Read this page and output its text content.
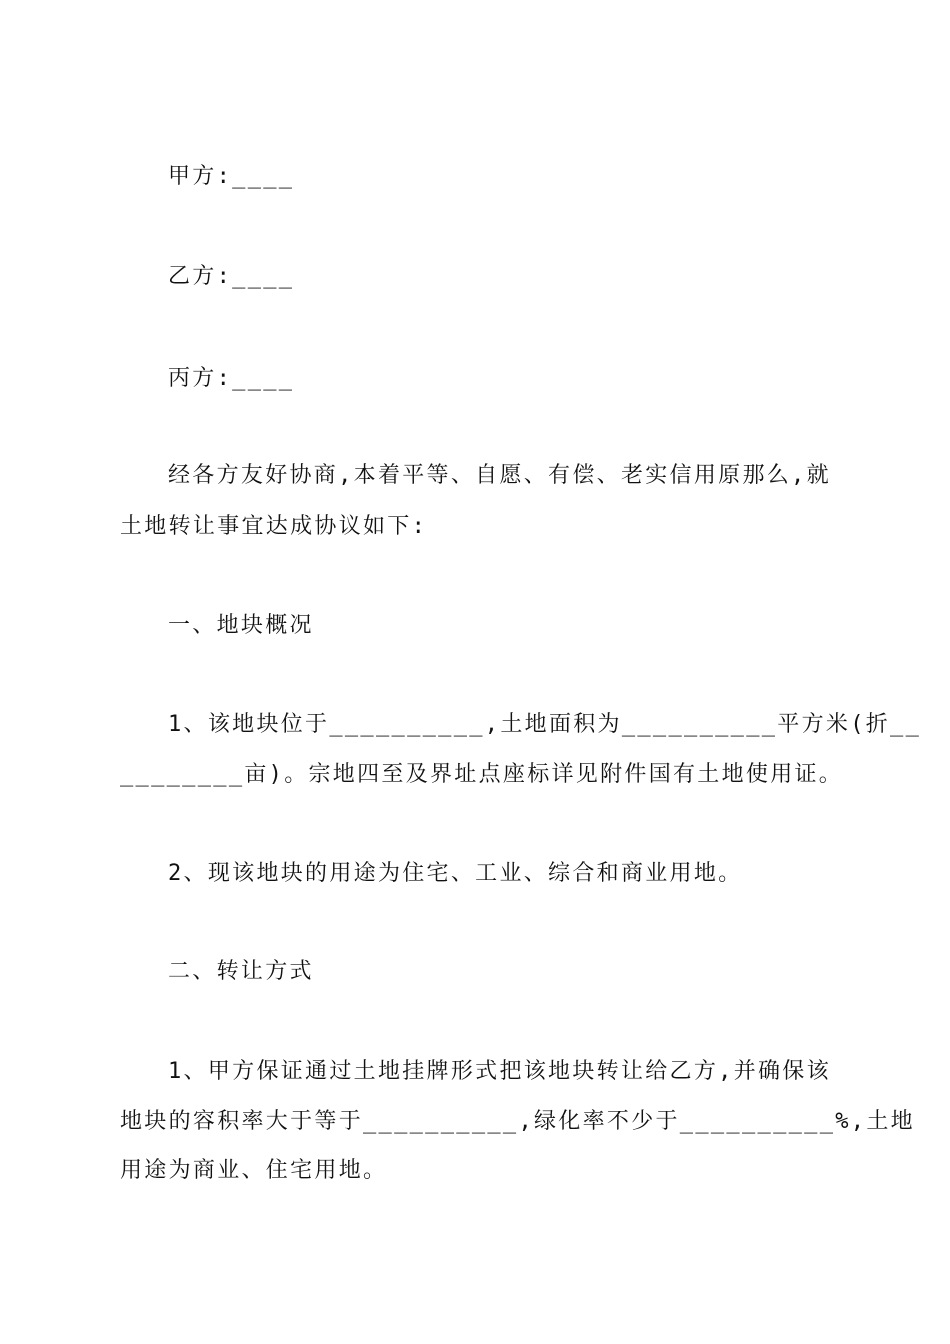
甲方:____
乙方:____
丙方:____
经各方友好协商,本着平等、自愿、有偿、老实信用原那么,就
土地转让事宜达成协议如下:
一、地块概况
1、该地块位于__________,土地面积为__________平方米(折__
________亩)。宗地四至及界址点座标详见附件国有土地使用证。
2、现该地块的用途为住宅、工业、综合和商业用地。
二、转让方式
1、甲方保证通过土地挂牌形式把该地块转让给乙方,并确保该
地块的容积率大于等于__________,绿化率不少于__________%,土地
用途为商业、住宅用地。
